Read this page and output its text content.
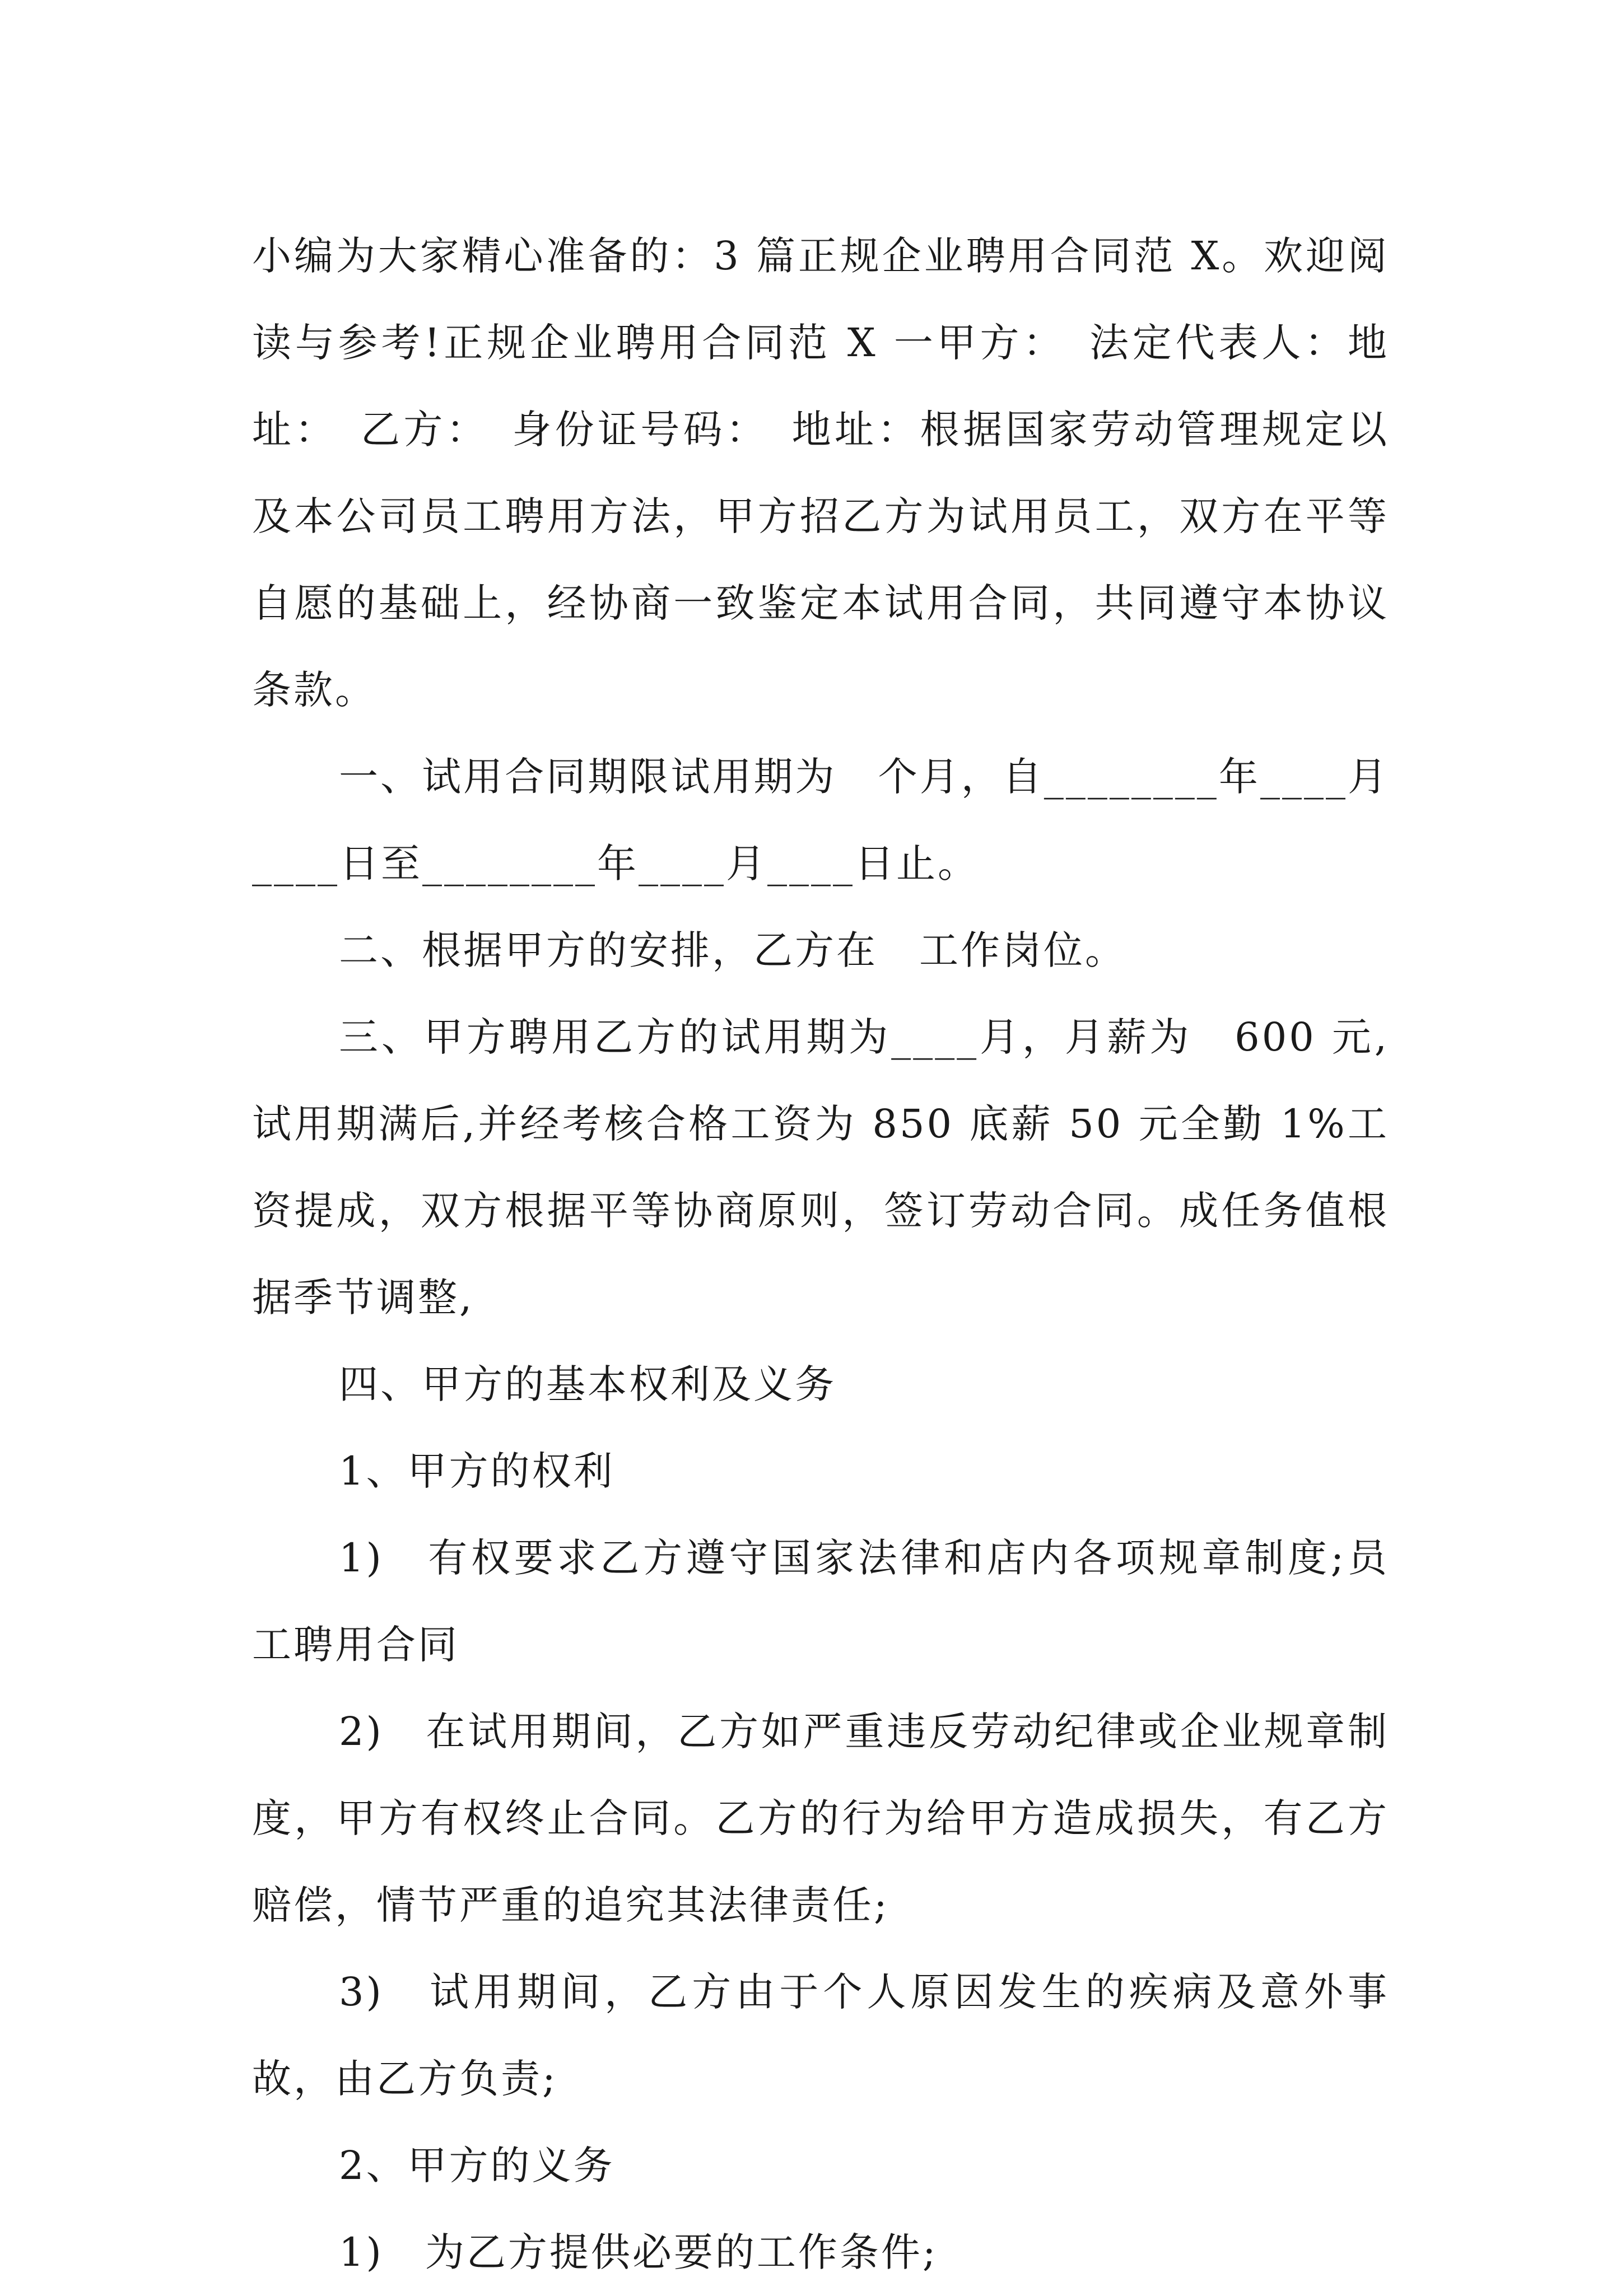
小编为大家精心准备的：3 篇正规企业聘用合同范 X。欢迎阅读与参考!正规企业聘用合同范 X 一甲方：　法定代表人：地址：　乙方：　身份证号码：　地址：根据国家劳动管理规定以及本公司员工聘用方法，甲方招乙方为试用员工，双方在平等自愿的基础上，经协商一致鉴定本试用合同，共同遵守本协议条款。

一、试用合同期限试用期为　个月，自________年____月____日至________年____月____日止。

二、根据甲方的安排，乙方在　工作岗位。

三、甲方聘用乙方的试用期为____月，月薪为　600 元,试用期满后,并经考核合格工资为 850 底薪 50 元全勤 1%工资提成，双方根据平等协商原则，签订劳动合同。成任务值根据季节调整,

四、甲方的基本权利及义务

1、甲方的权利

1)　有权要求乙方遵守国家法律和店内各项规章制度;员工聘用合同

2)　在试用期间，乙方如严重违反劳动纪律或企业规章制度，甲方有权终止合同。乙方的行为给甲方造成损失，有乙方赔偿，情节严重的追究其法律责任;

3)　试用期间，乙方由于个人原因发生的疾病及意外事故，由乙方负责;

2、甲方的义务

1)　为乙方提供必要的工作条件;
